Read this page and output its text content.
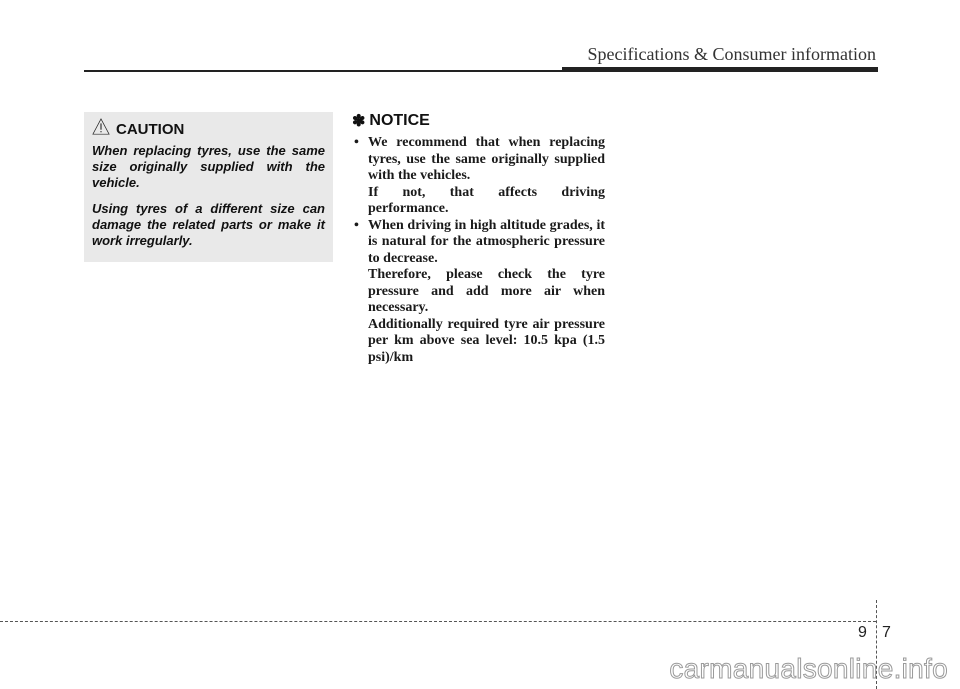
Specifications & Consumer information
CAUTION

When replacing tyres, use the same size originally supplied with the vehicle.

Using tyres of a different size can damage the related parts or make it work irregularly.

✽ NOTICE
• We recommend that when replacing tyres, use the same originally supplied with the vehicles.
If not, that affects driving performance.
• When driving in high altitude grades, it is natural for the atmospheric pressure to decrease.
Therefore, please check the tyre pressure and add more air when necessary.
Additionally required tyre air pressure per km above sea level: 10.5 kpa (1.5 psi)/km
9 7
carmanualsonline.info
